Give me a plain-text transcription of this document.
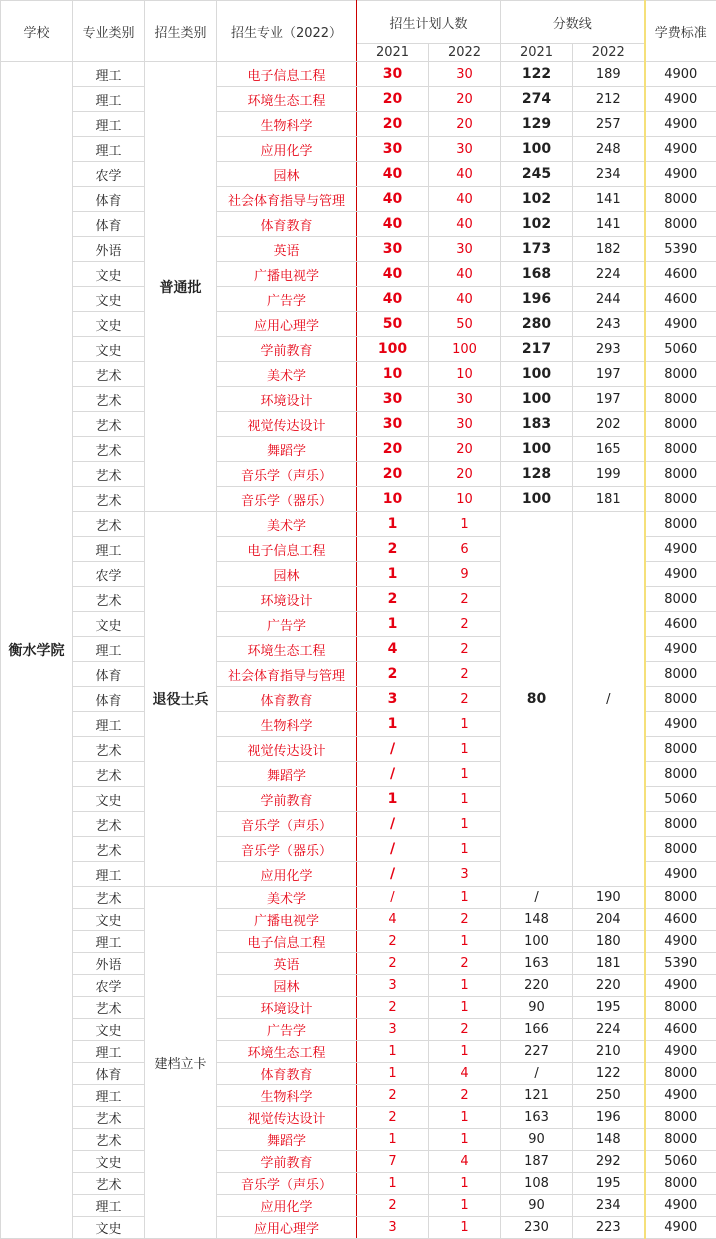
学校	专业类别	招生类别	招生专业（2022）	招生计划人数		分数线		学费标准
				2021	2022	2021	2022	
衡水学院	理工	普通批	电子信息工程	30	30	122	189	4900
	理工		环境生态工程	20	20	274	212	4900
	理工		生物科学	20	20	129	257	4900
	理工		应用化学	30	30	100	248	4900
	农学		园林	40	40	245	234	4900
	体育		社会体育指导与管理	40	40	102	141	8000
	体育		体育教育	40	40	102	141	8000
	外语		英语	30	30	173	182	5390
	文史		广播电视学	40	40	168	224	4600
	文史		广告学	40	40	196	244	4600
	文史		应用心理学	50	50	280	243	4900
	文史		学前教育	100	100	217	293	5060
	艺术		美术学	10	10	100	197	8000
	艺术		环境设计	30	30	100	197	8000
	艺术		视觉传达设计	30	30	183	202	8000
	艺术		舞蹈学	20	20	100	165	8000
	艺术		音乐学（声乐）	20	20	128	199	8000
	艺术		音乐学（器乐）	10	10	100	181	8000
	艺术	退役士兵	美术学	1	1	80	/	8000
	理工		电子信息工程	2	6			4900
	农学		园林	1	9			4900
	艺术		环境设计	2	2			8000
	文史		广告学	1	2			4600
	理工		环境生态工程	4	2			4900
	体育		社会体育指导与管理	2	2			8000
	体育		体育教育	3	2			8000
	理工		生物科学	1	1			4900
	艺术		视觉传达设计	/	1			8000
	艺术		舞蹈学	/	1			8000
	文史		学前教育	1	1			5060
	艺术		音乐学（声乐）	/	1			8000
	艺术		音乐学（器乐）	/	1			8000
	理工		应用化学	/	3			4900
	艺术	建档立卡	美术学	/	1	/	190	8000
	文史		广播电视学	4	2	148	204	4600
	理工		电子信息工程	2	1	100	180	4900
	外语		英语	2	2	163	181	5390
	农学		园林	3	1	220	220	4900
	艺术		环境设计	2	1	90	195	8000
	文史		广告学	3	2	166	224	4600
	理工		环境生态工程	1	1	227	210	4900
	体育		体育教育	1	4	/	122	8000
	理工		生物科学	2	2	121	250	4900
	艺术		视觉传达设计	2	1	163	196	8000
	艺术		舞蹈学	1	1	90	148	8000
	文史		学前教育	7	4	187	292	5060
	艺术		音乐学（声乐）	1	1	108	195	8000
	理工		应用化学	2	1	90	234	4900
	文史		应用心理学	3	1	230	223	4900
